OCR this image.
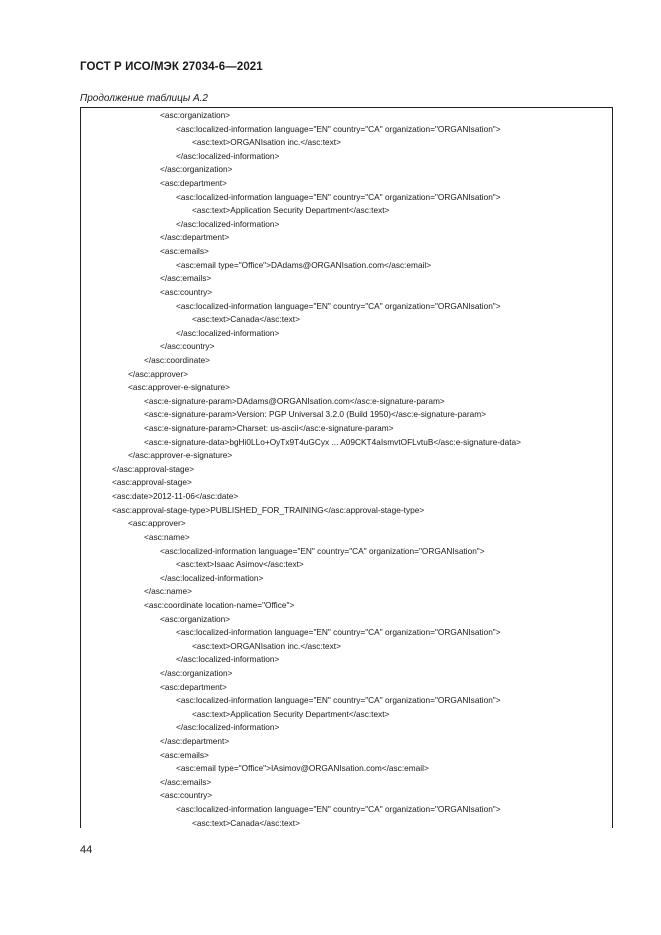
ГОСТ Р ИСО/МЭК 27034-6—2021
Продолжение таблицы А.2
<asc:organization>
<asc:localized-information language="EN" country="CA" organization="ORGANIsation">
<asc:text>ORGANIsation inc.</asc:text>
</asc:localized-information>
</asc:organization>
<asc:department>
<asc:localized-information language="EN" country="CA" organization="ORGANIsation">
<asc:text>Application Security Department</asc:text>
</asc:localized-information>
</asc:department>
<asc:emails>
<asc:email type="Office">DAdams@ORGANIsation.com</asc:email>
</asc:emails>
<asc:country>
<asc:localized-information language="EN" country="CA" organization="ORGANIsation">
<asc:text>Canada</asc:text>
</asc:localized-information>
</asc:country>
</asc:coordinate>
</asc:approver>
<asc:approver-e-signature>
<asc:e-signature-param>DAdams@ORGANIsation.com</asc:e-signature-param>
<asc:e-signature-param>Version: PGP Universal 3.2.0 (Build 1950)</asc:e-signature-param>
<asc:e-signature-param>Charset: us-ascii</asc:e-signature-param>
<asc:e-signature-data>bgHi0LLo+OyTx9T4uGCyx ... A09CKT4aIsmvtOFLvtuB</asc:e-signature-data>
</asc:approver-e-signature>
</asc:approval-stage>
<asc:approval-stage>
<asc:date>2012-11-06</asc:date>
<asc:approval-stage-type>PUBLISHED_FOR_TRAINING</asc:approval-stage-type>
<asc:approver>
<asc:name>
<asc:localized-information language="EN" country="CA" organization="ORGANIsation">
<asc:text>Isaac Asimov</asc:text>
</asc:localized-information>
</asc:name>
<asc:coordinate location-name="Office">
<asc:organization>
<asc:localized-information language="EN" country="CA" organization="ORGANIsation">
<asc:text>ORGANIsation inc.</asc:text>
</asc:localized-information>
</asc:organization>
<asc:department>
<asc:localized-information language="EN" country="CA" organization="ORGANIsation">
<asc:text>Application Security Department</asc:text>
</asc:localized-information>
</asc:department>
<asc:emails>
<asc:email type="Office">IAsimov@ORGANIsation.com</asc:email>
</asc:emails>
<asc:country>
<asc:localized-information language="EN" country="CA" organization="ORGANIsation">
<asc:text>Canada</asc:text>
44
